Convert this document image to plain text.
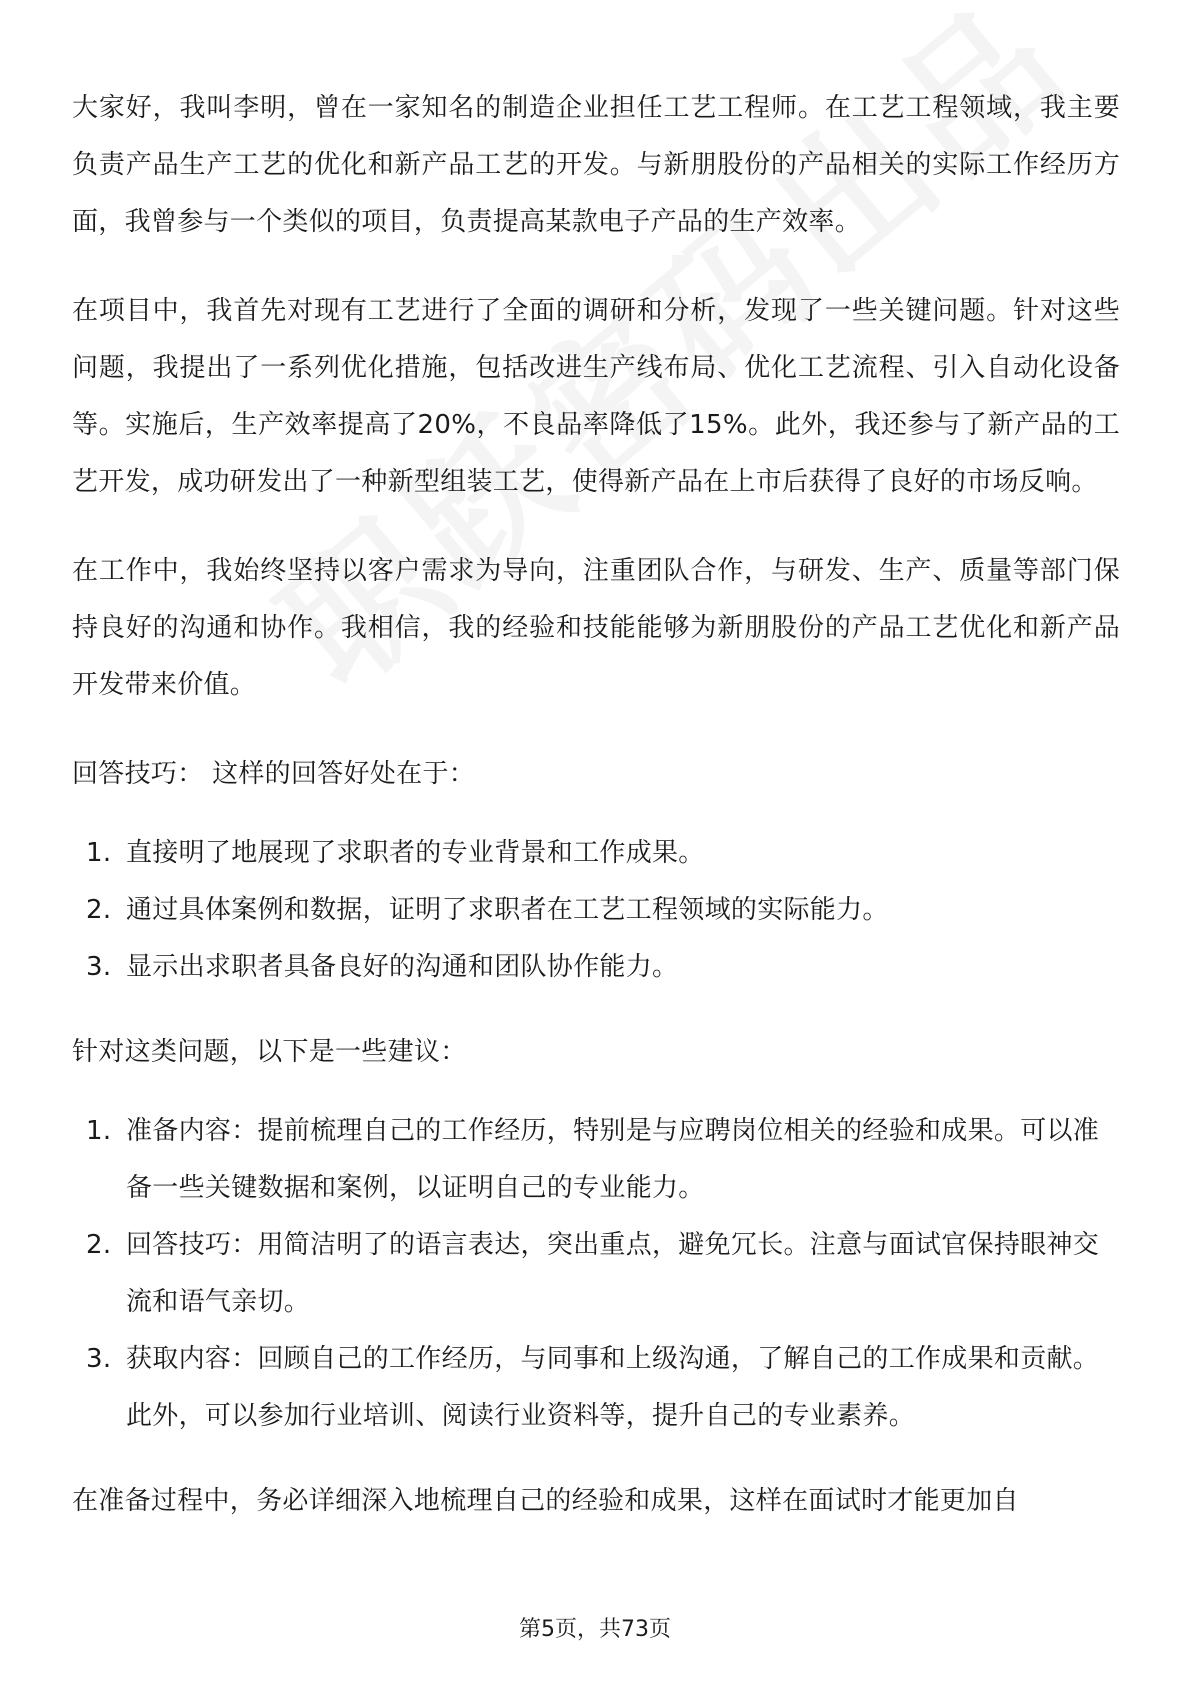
大家好，我叫李明，曾在一家知名的制造企业担任工艺工程师。在工艺工程领域，我主要负责产品生产工艺的优化和新产品工艺的开发。与新朋股份的产品相关的实际工作经历方面，我曾参与一个类似的项目，负责提高某款电子产品的生产效率。

在项目中，我首先对现有工艺进行了全面的调研和分析，发现了一些关键问题。针对这些问题，我提出了一系列优化措施，包括改进生产线布局、优化工艺流程、引入自动化设备等。实施后，生产效率提高了20%，不良品率降低了15%。此外，我还参与了新产品的工艺开发，成功研发出了一种新型组装工艺，使得新产品在上市后获得了良好的市场反响。

在工作中，我始终坚持以客户需求为导向，注重团队合作，与研发、生产、质量等部门保持良好的沟通和协作。我相信，我的经验和技能能够为新朋股份的产品工艺优化和新产品开发带来价值。

回答技巧： 这样的回答好处在于：

1. 直接明了地展现了求职者的专业背景和工作成果。
2. 通过具体案例和数据，证明了求职者在工艺工程领域的实际能力。
3. 显示出求职者具备良好的沟通和团队协作能力。

针对这类问题，以下是一些建议：

1. 准备内容：提前梳理自己的工作经历，特别是与应聘岗位相关的经验和成果。可以准备一些关键数据和案例，以证明自己的专业能力。
2. 回答技巧：用简洁明了的语言表达，突出重点，避免冗长。注意与面试官保持眼神交流和语气亲切。
3. 获取内容：回顾自己的工作经历，与同事和上级沟通，了解自己的工作成果和贡献。此外，可以参加行业培训、阅读行业资料等，提升自己的专业素养。

在准备过程中，务必详细深入地梳理自己的经验和成果，这样在面试时才能更加自

第5页，共73页
